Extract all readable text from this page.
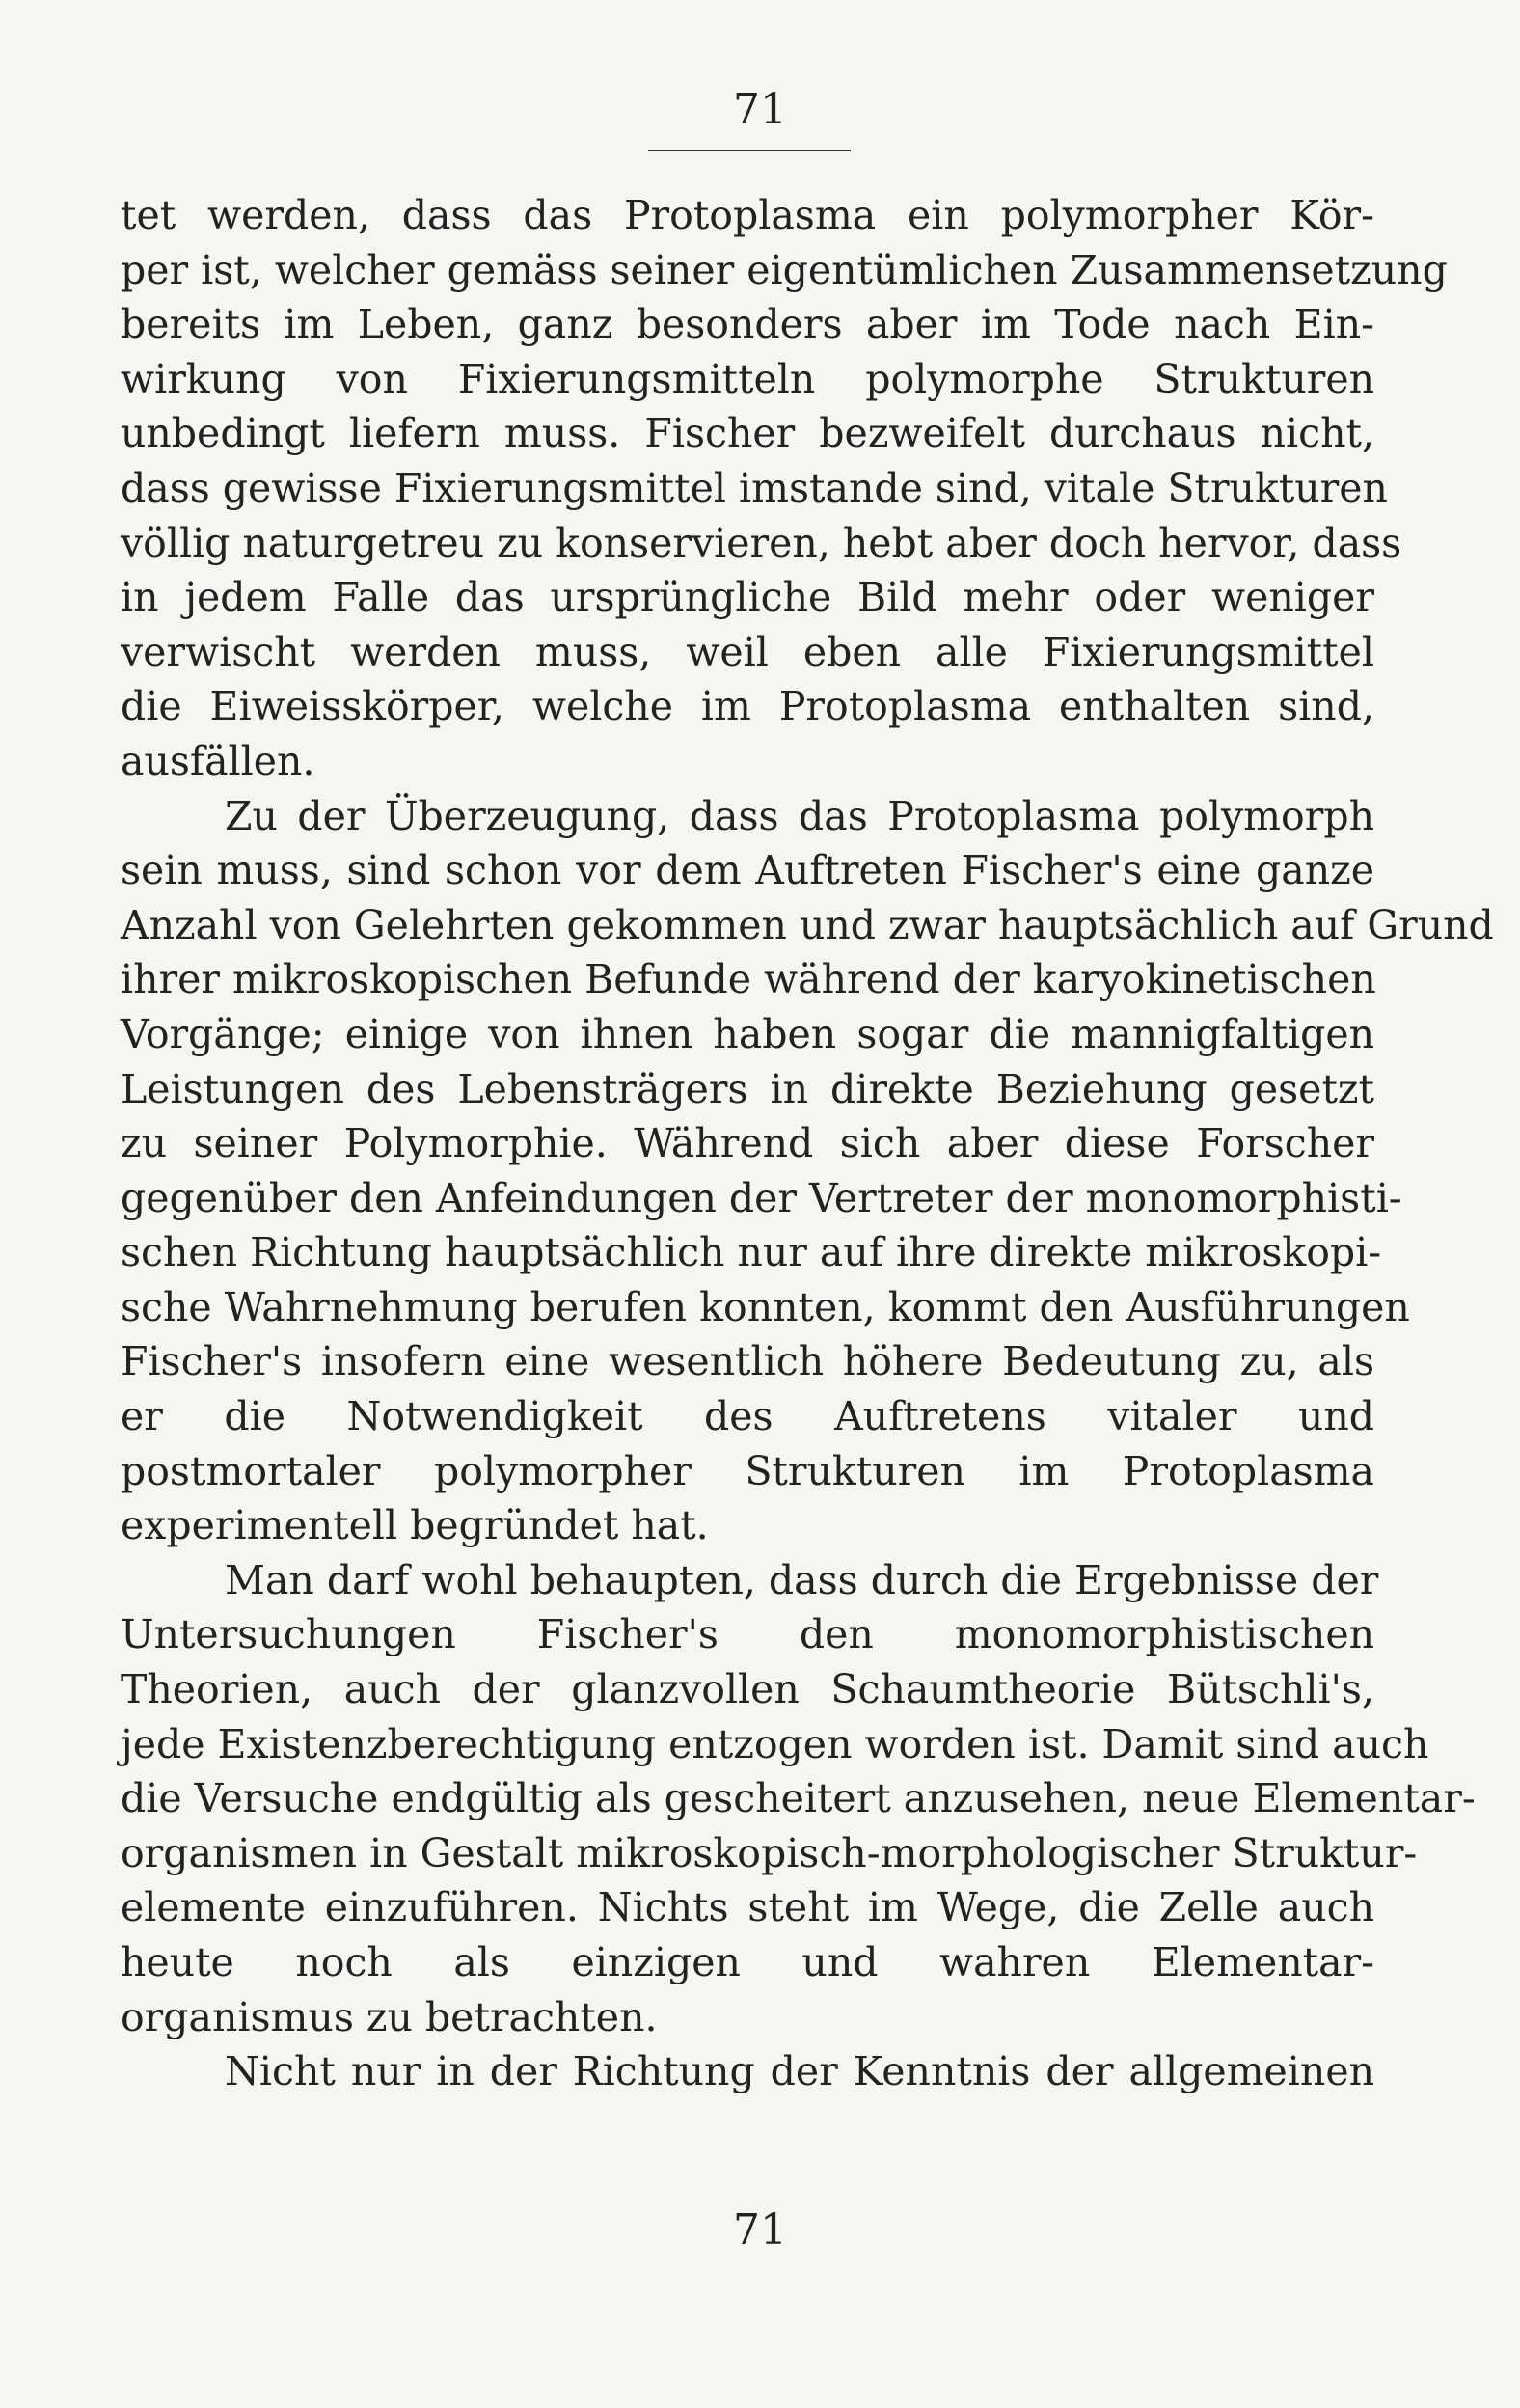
71
tet werden, dass das Protoplasma ein polymorpher Kör-
per ist, welcher gemäss seiner eigentümlichen Zusammensetzung
bereits im Leben, ganz besonders aber im Tode nach Ein-
wirkung von Fixierungsmitteln polymorphe Strukturen
unbedingt liefern muss. Fischer bezweifelt durchaus nicht,
dass gewisse Fixierungsmittel imstande sind, vitale Strukturen
völlig naturgetreu zu konservieren, hebt aber doch hervor, dass
in jedem Falle das ursprüngliche Bild mehr oder weniger
verwischt werden muss, weil eben alle Fixierungsmittel
die Eiweisskörper, welche im Protoplasma enthalten sind,
ausfällen.
Zu der Überzeugung, dass das Protoplasma polymorph
sein muss, sind schon vor dem Auftreten Fischer's eine ganze
Anzahl von Gelehrten gekommen und zwar hauptsächlich auf Grund
ihrer mikroskopischen Befunde während der karyokinetischen
Vorgänge; einige von ihnen haben sogar die mannigfaltigen
Leistungen des Lebensträgers in direkte Beziehung gesetzt
zu seiner Polymorphie. Während sich aber diese Forscher
gegenüber den Anfeindungen der Vertreter der monomorphisti-
schen Richtung hauptsächlich nur auf ihre direkte mikroskopi-
sche Wahrnehmung berufen konnten, kommt den Ausführungen
Fischer's insofern eine wesentlich höhere Bedeutung zu, als
er die Notwendigkeit des Auftretens vitaler und
postmortaler polymorpher Strukturen im Protoplasma
experimentell begründet hat.
Man darf wohl behaupten, dass durch die Ergebnisse der
Untersuchungen Fischer's den monomorphistischen
Theorien, auch der glanzvollen Schaumtheorie Bütschli's,
jede Existenzberechtigung entzogen worden ist. Damit sind auch
die Versuche endgültig als gescheitert anzusehen, neue Elementar-
organismen in Gestalt mikroskopisch-morphologischer Struktur-
elemente einzuführen. Nichts steht im Wege, die Zelle auch
heute noch als einzigen und wahren Elementar-
organismus zu betrachten.
Nicht nur in der Richtung der Kenntnis der allgemeinen
71
